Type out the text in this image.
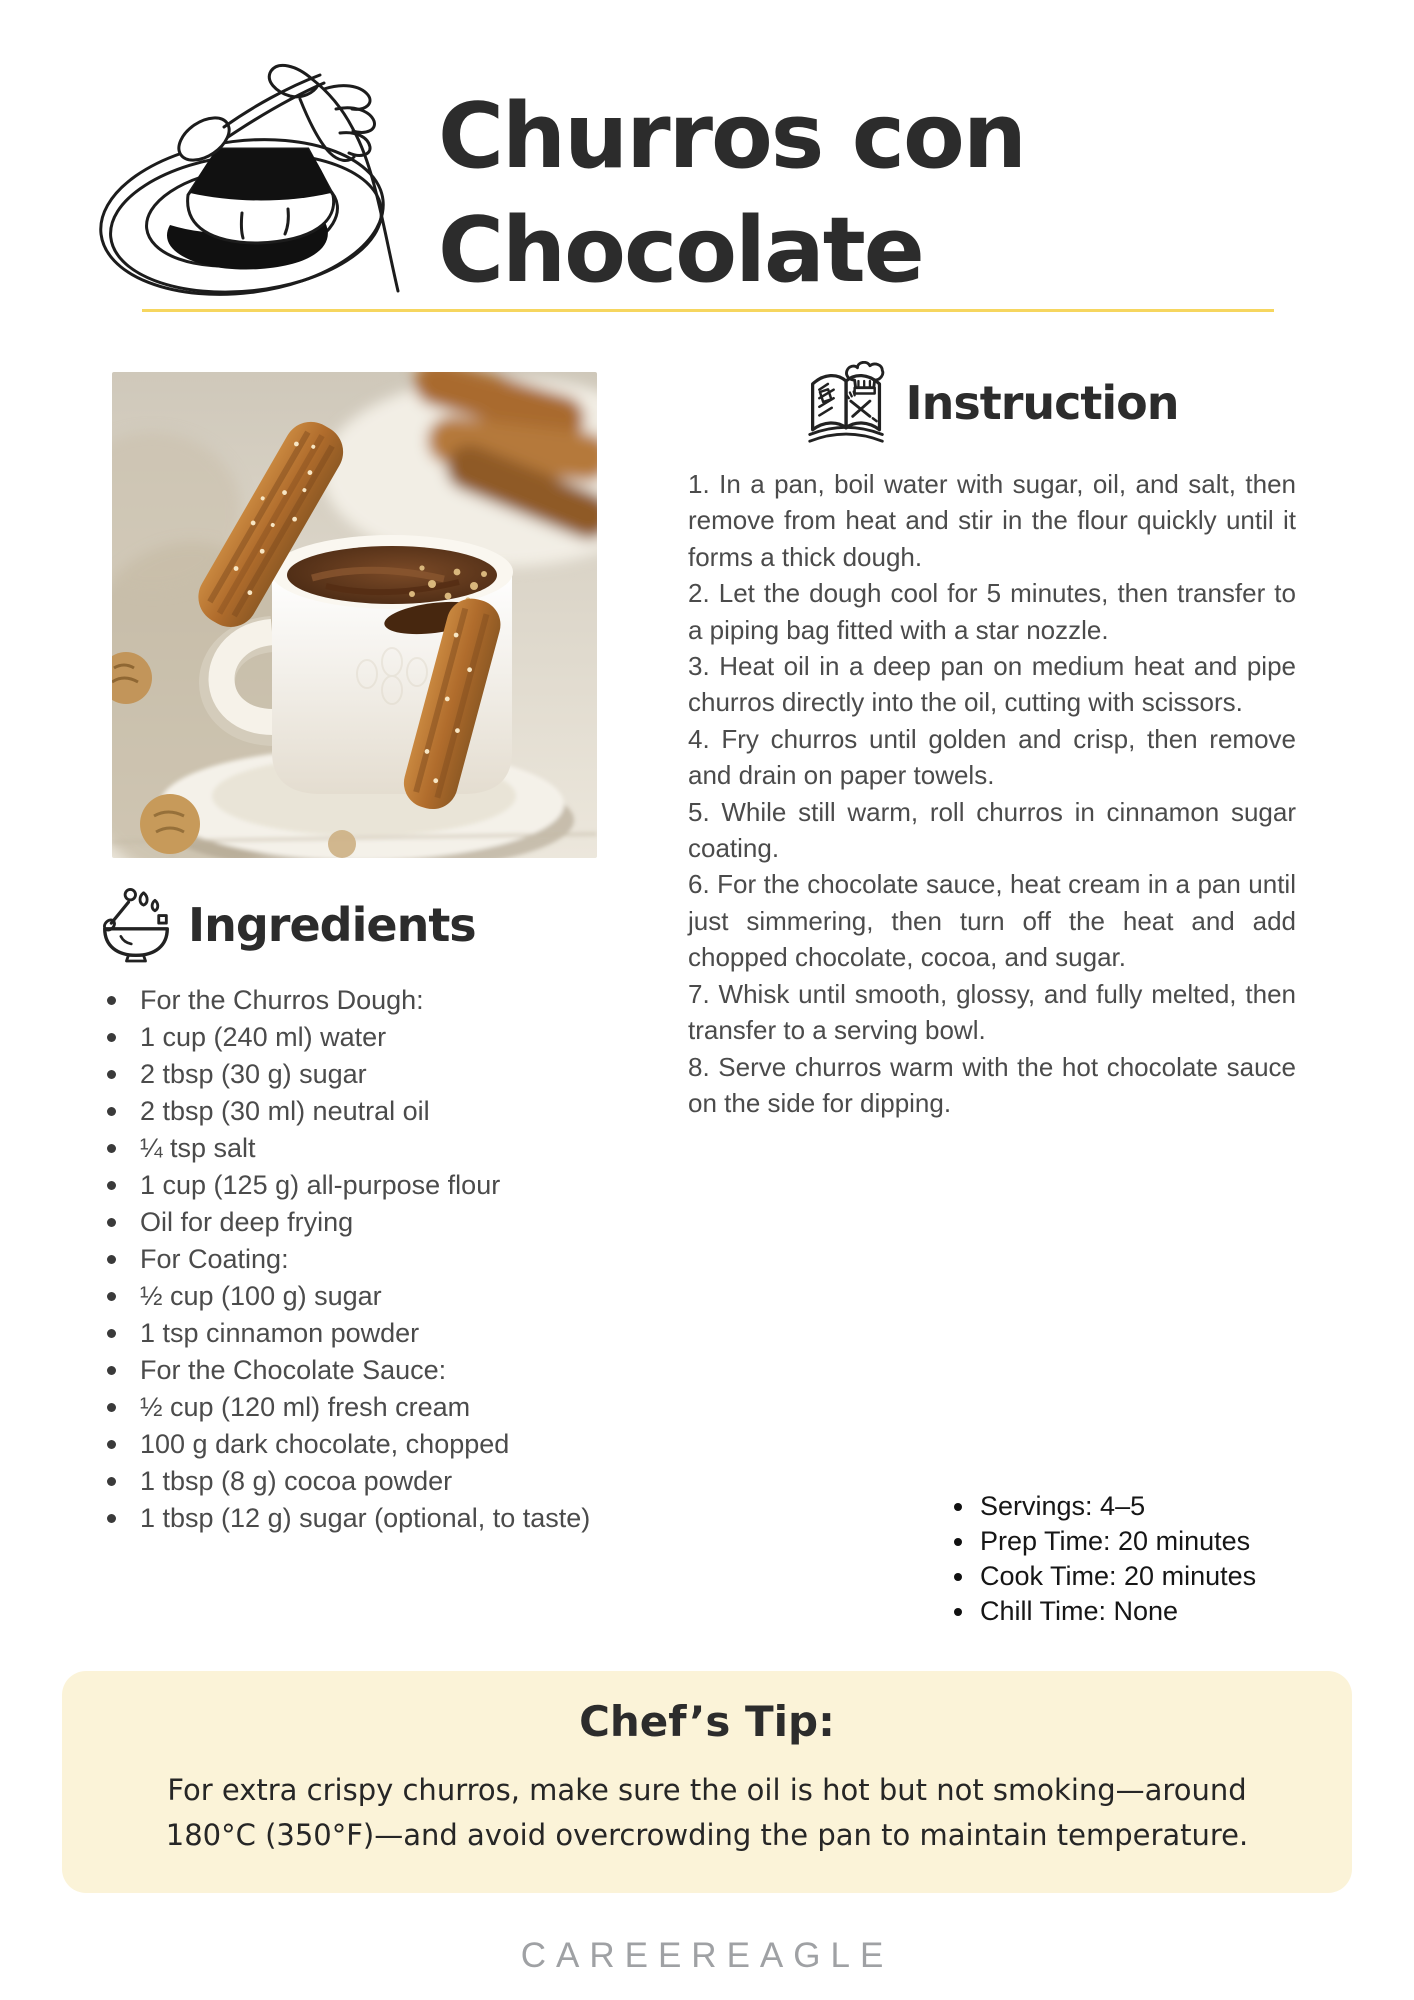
Churros con
Chocolate
Instruction

1. In a pan, boil water with sugar, oil, and salt, then remove from heat and stir in the flour quickly until it forms a thick dough.

2. Let the dough cool for 5 minutes, then transfer to a piping bag fitted with a star nozzle.

3. Heat oil in a deep pan on medium heat and pipe churros directly into the oil, cutting with scissors.

4. Fry churros until golden and crisp, then remove and drain on paper towels.

5. While still warm, roll churros in cinnamon sugar coating.

6. For the chocolate sauce, heat cream in a pan until just simmering, then turn off the heat and add chopped chocolate, cocoa, and sugar.

7. Whisk until smooth, glossy, and fully melted, then transfer to a serving bowl.

8. Serve churros warm with the hot chocolate sauce on the side for dipping.

Ingredients
For the Churros Dough:
1 cup (240 ml) water
2 tbsp (30 g) sugar
2 tbsp (30 ml) neutral oil
¼ tsp salt
1 cup (125 g) all-purpose flour
Oil for deep frying
For Coating:
½ cup (100 g) sugar
1 tsp cinnamon powder
For the Chocolate Sauce:
½ cup (120 ml) fresh cream
100 g dark chocolate, chopped
1 tbsp (8 g) cocoa powder
1 tbsp (12 g) sugar (optional, to taste)	Servings: 4–5
Prep Time: 20 minutes
Cook Time: 20 minutes
Chill Time: None
Chef’s Tip:

For extra crispy churros, make sure the oil is hot but not smoking—around 180°C (350°F)—and avoid overcrowding the pan to maintain temperature.

CAREEREAGLE
